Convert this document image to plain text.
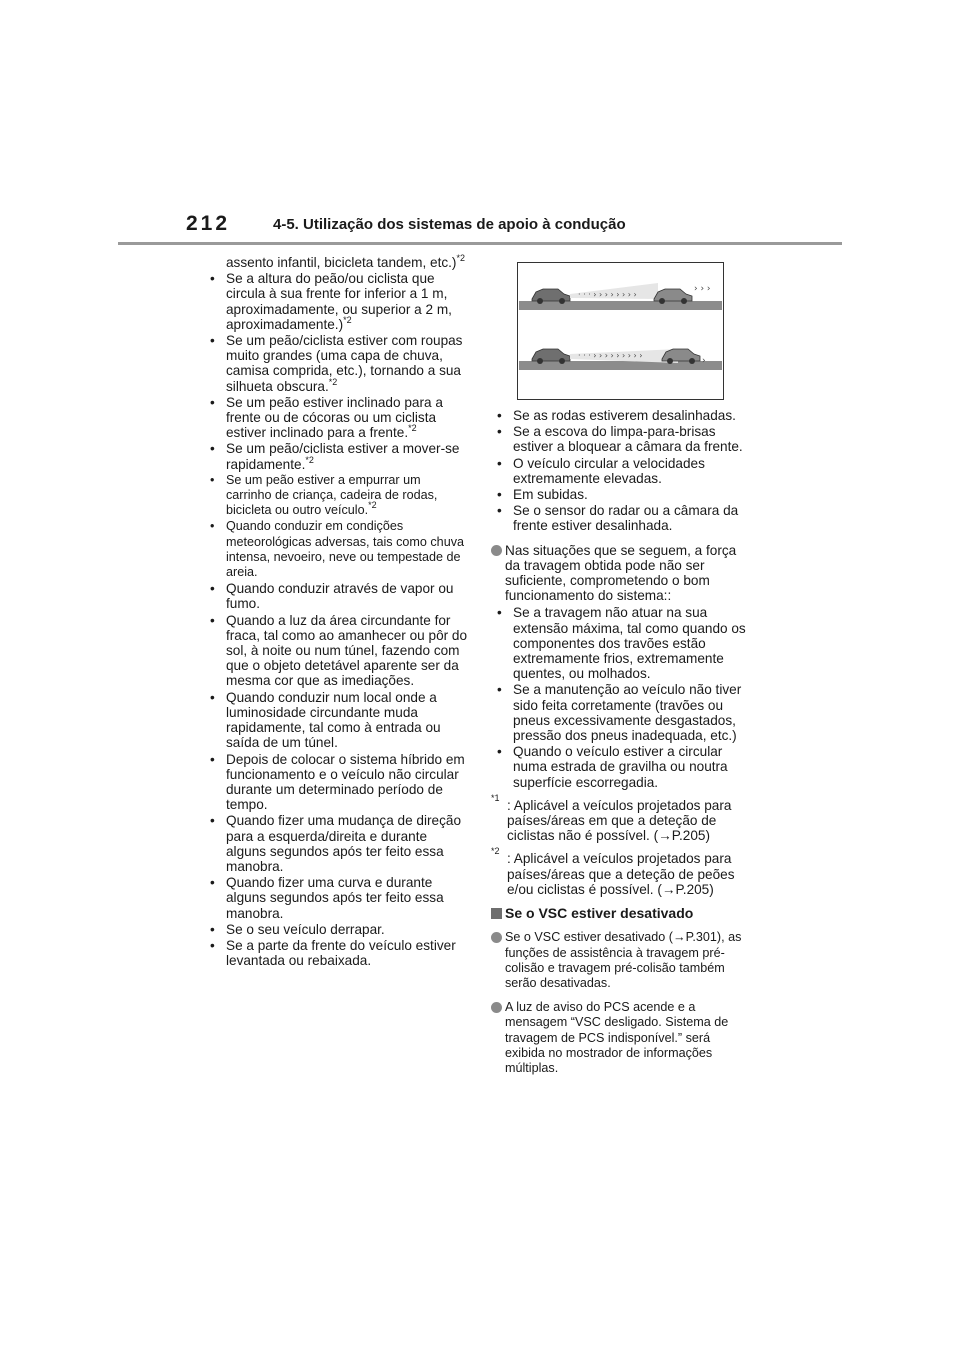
212	4-5. Utilização dos sistemas de apoio à condução
assento infantil, bicicleta tandem, etc.)$^{*2}$
• Se a altura do peão/ou ciclista que circula à sua frente for inferior a 1 m, aproximadamente, ou superior a 2 m, aproximadamente.)$^{*2}$
• Se um peão/ciclista estiver com roupas muito grandes (uma capa de chuva, camisa comprida, etc.), tornando a sua silhueta obscura.$^{*2}$
• Se um peão estiver inclinado para a frente ou de cócoras ou um ciclista estiver inclinado para a frente.$^{*2}$
• Se um peão/ciclista estiver a mover-se rapidamente.$^{*2}$
• Se um peão estiver a empurrar um carrinho de criança, cadeira de rodas, bicicleta ou outro veículo.$^{*2}$
• Quando conduzir em condições meteorológicas adversas, tais como chuva intensa, nevoeiro, neve ou tempestade de areia.
• Quando conduzir através de vapor ou fumo.
• Quando a luz da área circundante for fraca, tal como ao amanhecer ou pôr do sol, à noite ou num túnel, fazendo com que o objeto detetável aparente ser da mesma cor que as imediações.
• Quando conduzir num local onde a luminosidade circundante muda rapidamente, tal como à entrada ou saída de um túnel.
• Depois de colocar o sistema híbrido em funcionamento e o veículo não circular durante um determinado período de tempo.
• Quando fizer uma mudança de direção para a esquerda/direita e durante alguns segundos após ter feito essa manobra.
• Quando fizer uma curva e durante alguns segundos após ter feito essa manobra.
• Se o seu veículo derrapar.
• Se a parte da frente do veículo estiver levantada ou rebaixada.
· · · › › › › › › › ›
› › ›
· · · › › › › › › › › ›
›
• Se as rodas estiverem desalinhadas.
• Se a escova do limpa-para-brisas estiver a bloquear a câmara da frente.
• O veículo circular a velocidades extremamente elevadas.
• Em subidas.
• Se o sensor do radar ou a câmara da frente estiver desalinhada.
Nas situações que se seguem, a força da travagem obtida pode não ser suficiente, comprometendo o bom funcionamento do sistema::
• Se a travagem não atuar na sua extensão máxima, tal como quando os componentes dos travões estão extremamente frios, extremamente quentes, ou molhados.
• Se a manutenção ao veículo não tiver sido feita corretamente (travões ou pneus excessivamente desgastados, pressão dos pneus inadequada, etc.)
• Quando o veículo estiver a circular numa estrada de gravilha ou noutra superfície escorregadia.
*1 : Aplicável a veículos projetados para países/áreas em que a deteção de ciclistas não é possível. (→P.205)
*2 : Aplicável a veículos projetados para países/áreas que a deteção de peões e/ou ciclistas é possível. (→P.205)
Se o VSC estiver desativado
Se o VSC estiver desativado (→P.301), as funções de assistência à travagem pré-colisão e travagem pré-colisão também serão desativadas.
A luz de aviso do PCS acende e a mensagem “VSC desligado. Sistema de travagem de PCS indisponível.” será exibida no mostrador de informações múltiplas.
